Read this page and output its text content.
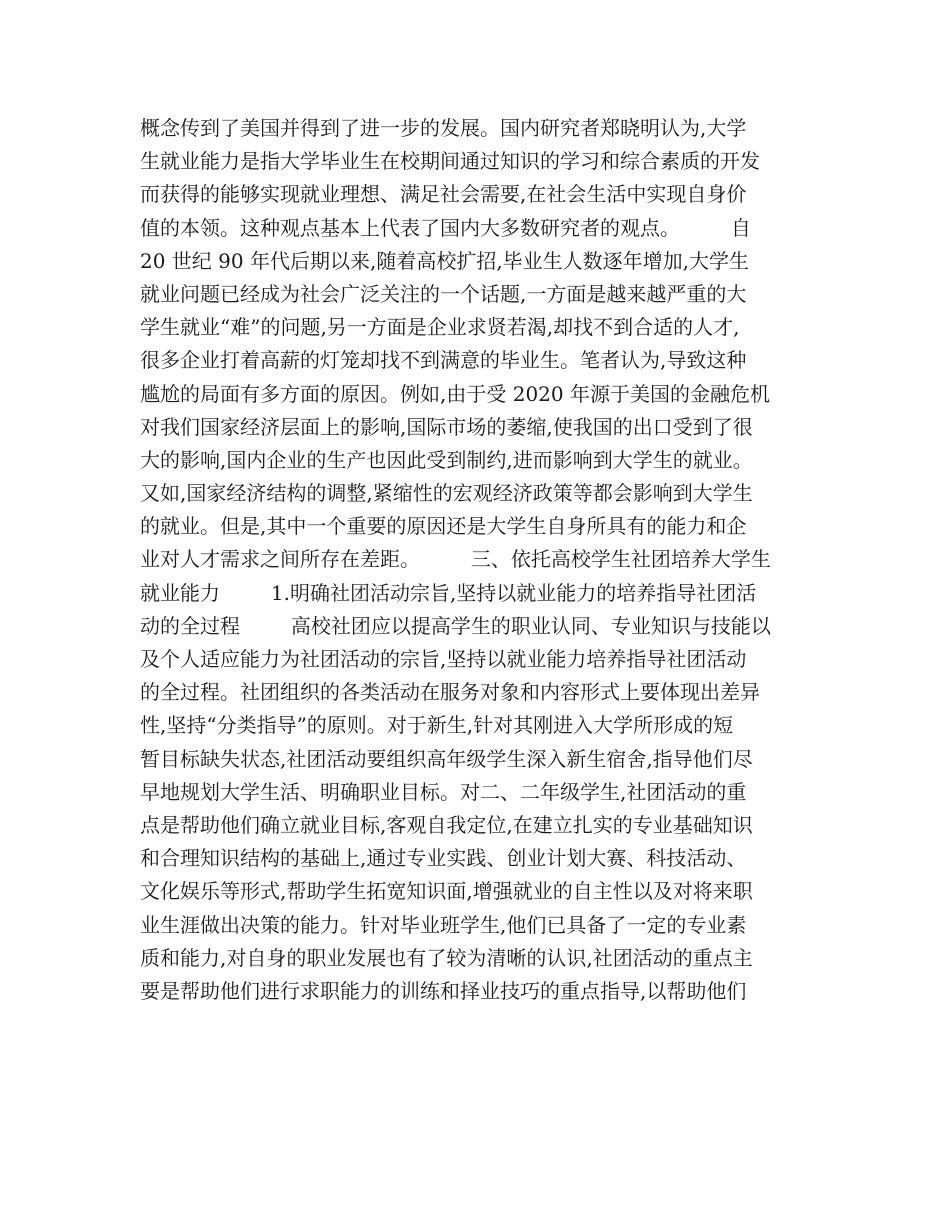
概念传到了美国并得到了进一步的发展。国内研究者郑晓明认为,大学
生就业能力是指大学毕业生在校期间通过知识的学习和综合素质的开发
而获得的能够实现就业理想、满足社会需要,在社会生活中实现自身价
值的本领。这种观点基本上代表了国内大多数研究者的观点。        自
20 世纪 90 年代后期以来,随着高校扩招,毕业生人数逐年增加,大学生
就业问题已经成为社会广泛关注的一个话题,一方面是越来越严重的大
学生就业“难”的问题,另一方面是企业求贤若渴,却找不到合适的人才,
很多企业打着高薪的灯笼却找不到满意的毕业生。笔者认为,导致这种
尴尬的局面有多方面的原因。例如,由于受 2020 年源于美国的金融危机
对我们国家经济层面上的影响,国际市场的萎缩,使我国的出口受到了很
大的影响,国内企业的生产也因此受到制约,进而影响到大学生的就业。
又如,国家经济结构的调整,紧缩性的宏观经济政策等都会影响到大学生
的就业。但是,其中一个重要的原因还是大学生自身所具有的能力和企
业对人才需求之间所存在差距。        三、依托高校学生社团培养大学生
就业能力        1.明确社团活动宗旨,坚持以就业能力的培养指导社团活
动的全过程        高校社团应以提高学生的职业认同、专业知识与技能以
及个人适应能力为社团活动的宗旨,坚持以就业能力培养指导社团活动
的全过程。社团组织的各类活动在服务对象和内容形式上要体现出差异
性,坚持“分类指导”的原则。对于新生,针对其刚进入大学所形成的短
暂目标缺失状态,社团活动要组织高年级学生深入新生宿舍,指导他们尽
早地规划大学生活、明确职业目标。对二、二年级学生,社团活动的重
点是帮助他们确立就业目标,客观自我定位,在建立扎实的专业基础知识
和合理知识结构的基础上,通过专业实践、创业计划大赛、科技活动、
文化娱乐等形式,帮助学生拓宽知识面,增强就业的自主性以及对将来职
业生涯做出决策的能力。针对毕业班学生,他们已具备了一定的专业素
质和能力,对自身的职业发展也有了较为清晰的认识,社团活动的重点主
要是帮助他们进行求职能力的训练和择业技巧的重点指导,以帮助他们
